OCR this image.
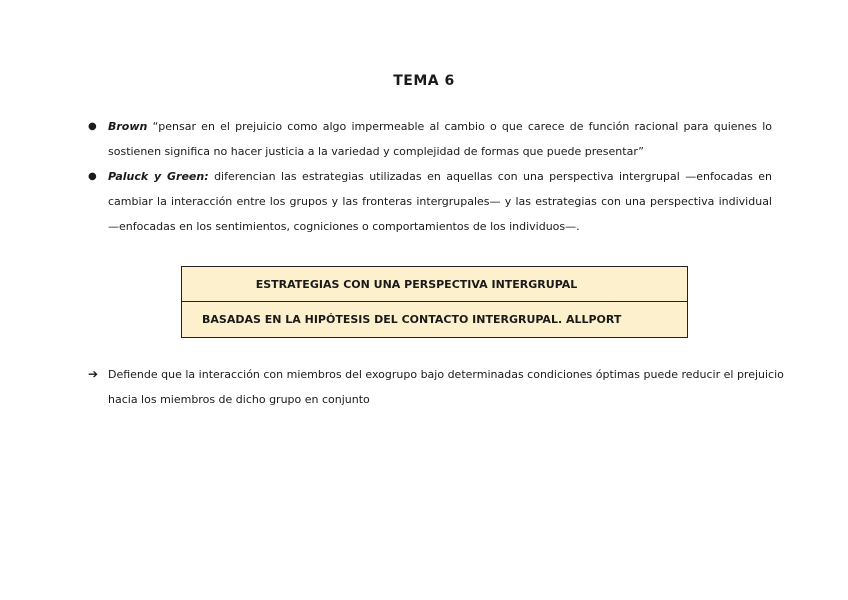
TEMA 6
● Brown “pensar en el prejuicio como algo impermeable al cambio o que carece de función racional para quienes lo sostienen significa no hacer justicia a la variedad y complejidad de formas que puede presentar”
● Paluck y Green: diferencian las estrategias utilizadas en aquellas con una perspectiva intergrupal —enfocadas en cambiar la interacción entre los grupos y las fronteras intergrupales— y las estrategias con una perspectiva individual —enfocadas en los sentimientos, cogniciones o comportamientos de los individuos—.
ESTRATEGIAS CON UNA PERSPECTIVA INTERGRUPAL
BASADAS EN LA HIPÓTESIS DEL CONTACTO INTERGRUPAL. ALLPORT
➔ Defiende que la interacción con miembros del exogrupo bajo determinadas condiciones óptimas puede reducir el prejuicio hacia los miembros de dicho grupo en conjunto
